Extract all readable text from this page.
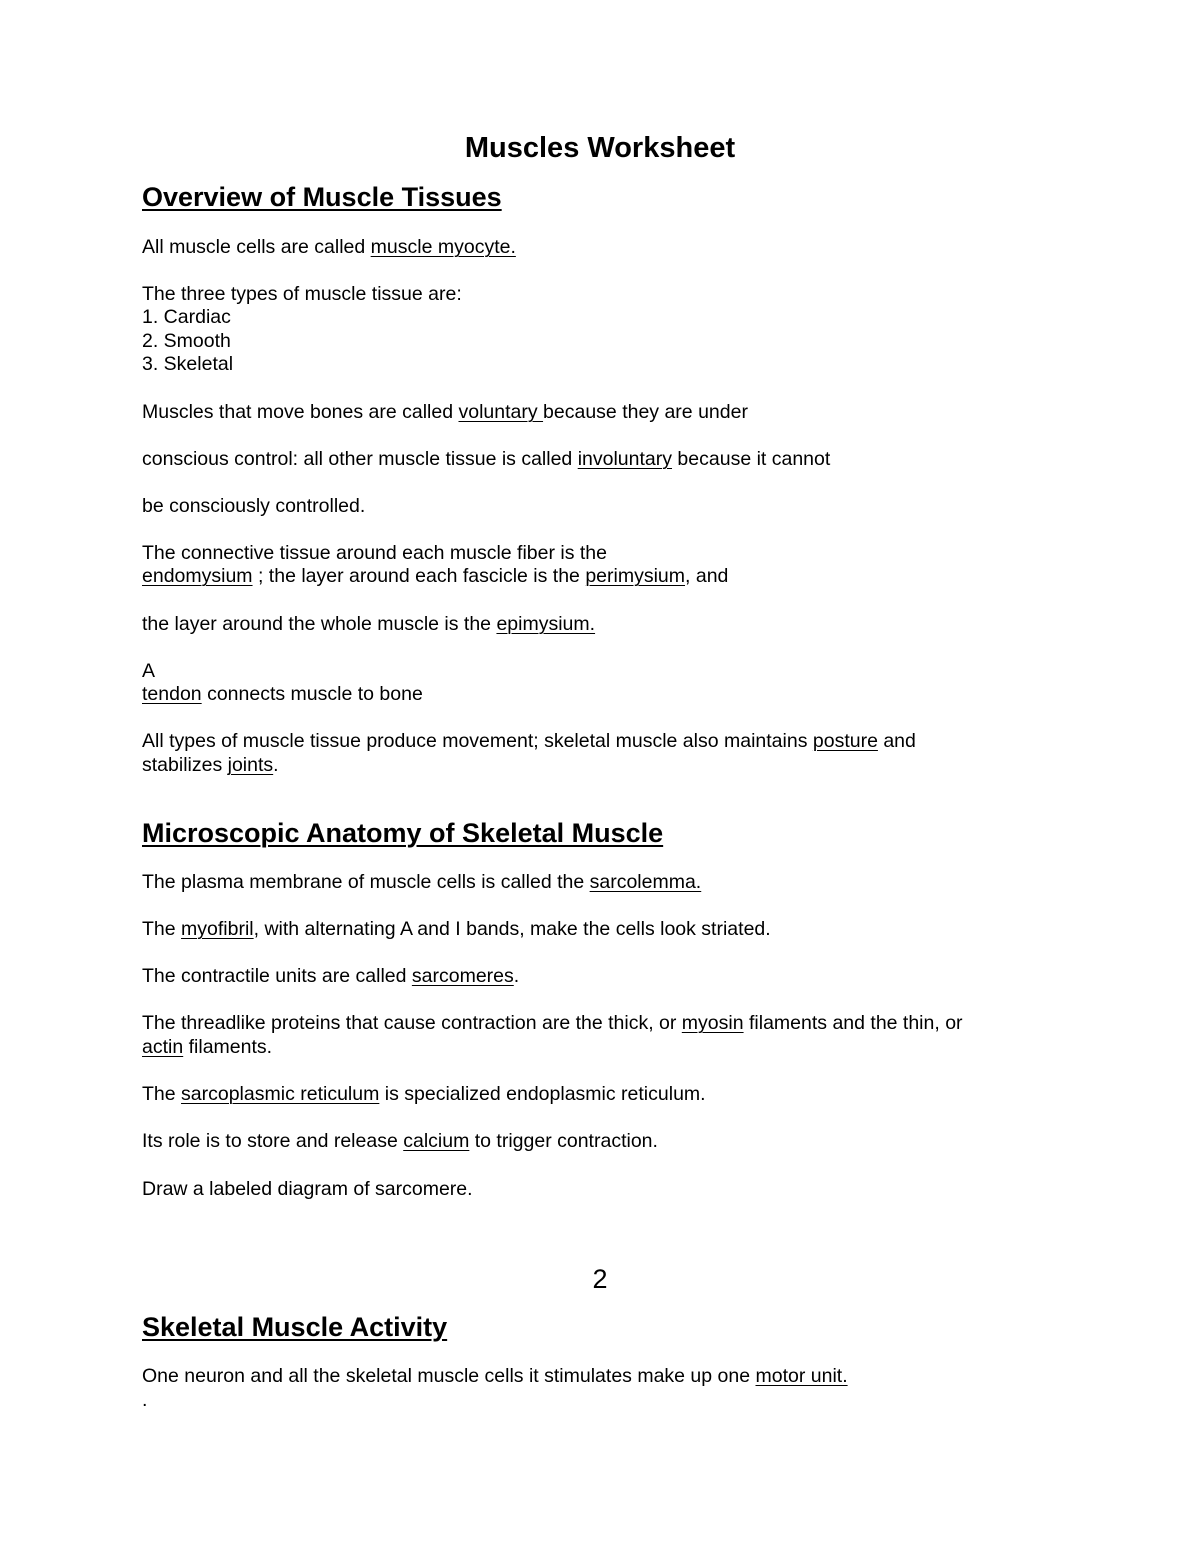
Muscles Worksheet
Overview of Muscle Tissues
All muscle cells are called muscle myocyte.
The three types of muscle tissue are:
1. Cardiac
2. Smooth
3. Skeletal
Muscles that move bones are called voluntary because they are under
conscious control: all other muscle tissue is called involuntary because it cannot
be consciously controlled.
The connective tissue around each muscle fiber is the
endomysium ; the layer around each fascicle is the perimysium, and
the layer around the whole muscle is the epimysium.
A
tendon connects muscle to bone
All types of muscle tissue produce movement; skeletal muscle also maintains posture and
stabilizes joints.
Microscopic Anatomy of Skeletal Muscle
The plasma membrane of muscle cells is called the sarcolemma.
The myofibril, with alternating A and I bands, make the cells look striated.
The contractile units are called sarcomeres.
The threadlike proteins that cause contraction are the thick, or myosin filaments and the thin, or
actin filaments.
The sarcoplasmic reticulum is specialized endoplasmic reticulum.
Its role is to store and release calcium to trigger contraction.
Draw a labeled diagram of sarcomere.
2
Skeletal Muscle Activity
One neuron and all the skeletal muscle cells it stimulates make up one motor unit.
.
